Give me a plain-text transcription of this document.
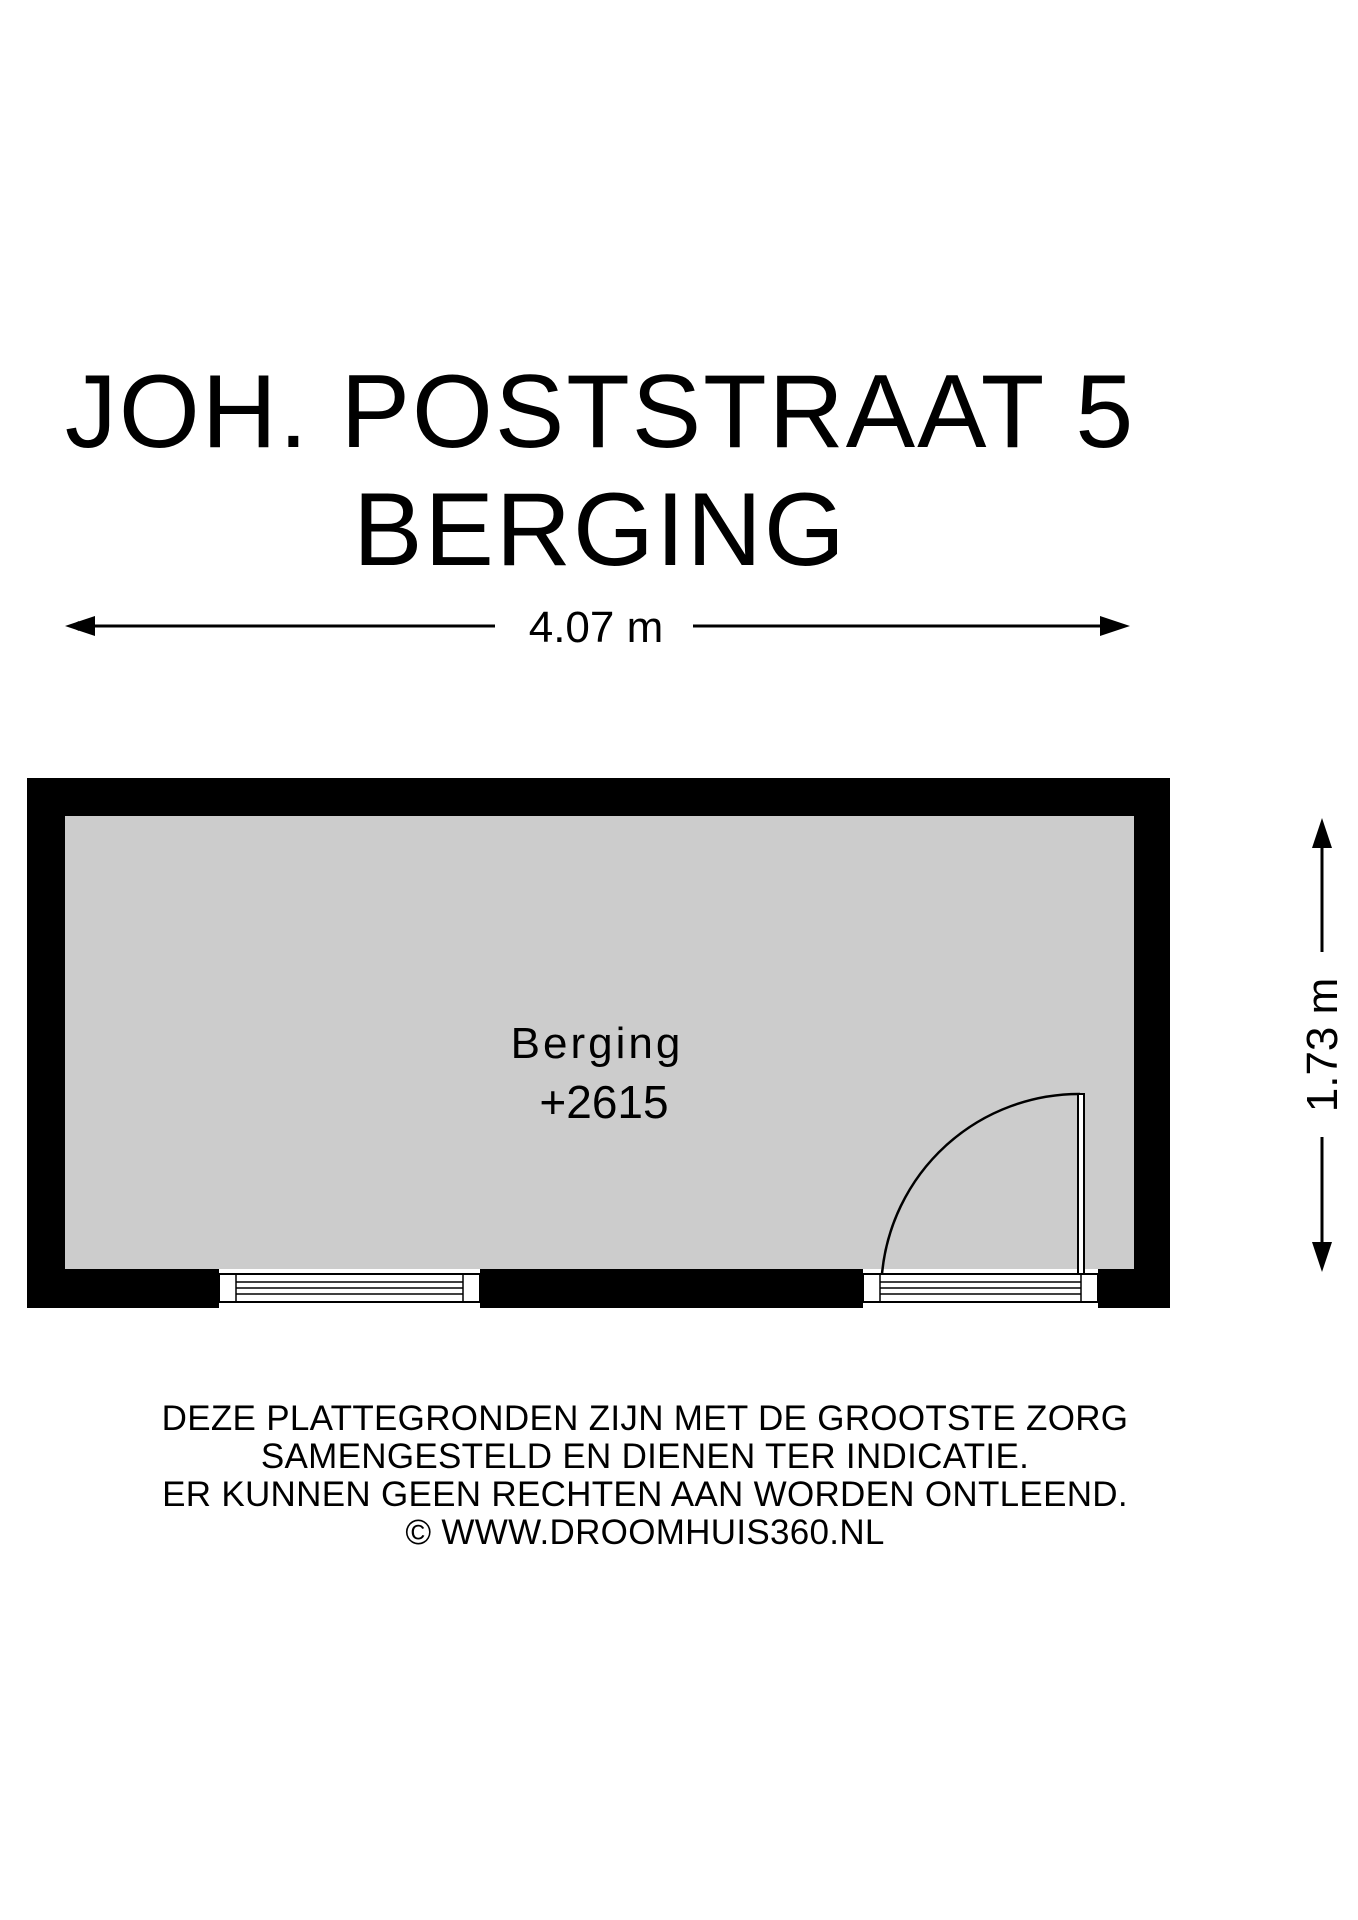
JOH. POSTSTRAAT 5
BERGING
4.07 m
1.73 m
Berging
+2615
DEZE PLATTEGRONDEN ZIJN MET DE GROOTSTE ZORG
SAMENGESTELD EN DIENEN TER INDICATIE.
ER KUNNEN GEEN RECHTEN AAN WORDEN ONTLEEND.
© WWW.DROOMHUIS360.NL
